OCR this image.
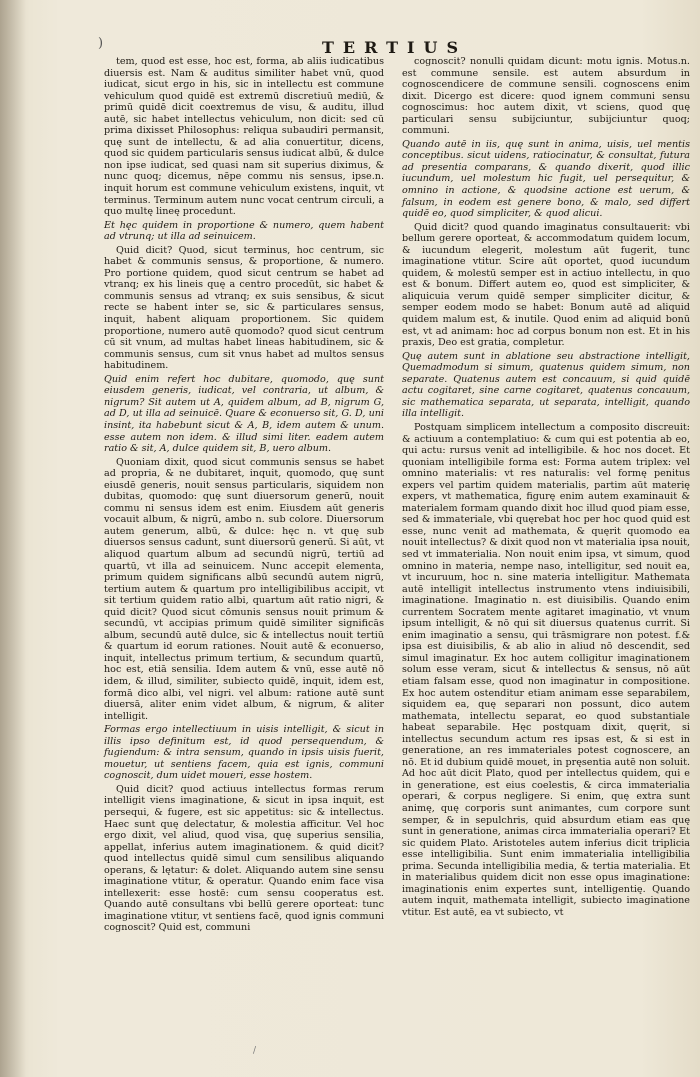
)	TERTIUS

tem, quod est esse, hoc est, forma, ab aliis iudicatibus diuersis est. Nam & auditus similiter habet vnū, quod iudicat, sicut ergo in his, sic in intellectu est commune vehiculum quod quidē est extremū discretiuū mediū, & primū quidē dicit coextremus de visu, & auditu, illud autē, sic habet intellectus vehiculum, non dicit: sed cū prima dixisset Philosophus: reliqua subaudiri permansit, quę sunt de intellectu, & ad alia conuertitur, dicens, quod sic quidem particularis sensus iudicat albū, & dulce non ipse iudicat, sed quasi nam sit superius diximus, & nunc quoq; dicemus, nēpe commu nis sensus, ipse.n. inquit horum est commune vehiculum existens, inquit, vt terminus. Terminum autem nunc vocat centrum circuli, a quo multę lineę procedunt.

Et hęc quidem in proportione & numero, quem habent ad vtrunq; ut illa ad seinuicem.

Quid dicit? Quod, sicut terminus, hoc centrum, sic habet & communis sensus, & proportione, & numero. Pro portione quidem, quod sicut centrum se habet ad vtranq; ex his lineis quę a centro procedūt, sic habet & communis sensus ad vtranq; ex suis sensibus, & sicut recte se habent inter se, sic & particulares sensus, inquit, habent aliquam proportionem. Sic quidem proportione, numero autē quomodo? quod sicut centrum cū sit vnum, ad multas habet lineas habitudinem, sic & communis sensus, cum sit vnus habet ad multos sensus habitudinem.

Quid enim refert hoc dubitare, quomodo, quę sunt eiusdem generis, iudicat, vel contraria, ut album, & nigrum? Sit autem ut A, quidem album, ad B, nigrum G, ad D, ut illa ad seinuicē. Quare & econuerso sit, G. D, uni insint, ita habebunt sicut & A, B, idem autem & unum. esse autem non idem. & illud simi liter. eadem autem ratio & sit, A, dulce quidem sit, B, uero album.

Quoniam dixit, quod sicut communis sensus se habet ad propria, & ne dubitaret, inquit, quomodo, quę sunt eiusdē generis, nouit sensus particularis, siquidem non dubitas, quomodo: quę sunt diuersorum generū, nouit commu ni sensus idem est enim. Eiusdem aūt generis vocauit album, & nigrū, ambo n. sub colore. Diuersorum autem generum, albū, & dulce: hęc n. vt quę sub diuersos sensus cadunt, sunt diuersorū generū. Si aūt, vt aliquod quartum album ad secundū nigrū, tertiū ad quartū, vt illa ad seinuicem. Nunc accepit elementa, primum quidem significans albū secundū autem nigrū, tertium autem & quartum pro intelligibilibus accipit, vt sit tertium quidem ratio albi, quartum aūt ratio nigri, & quid dicit? Quod sicut cōmunis sensus nouit primum & secundū, vt accipias primum quidē similiter significās album, secundū autē dulce, sic & intellectus nouit tertiū & quartum id eorum rationes. Nouit autē & econuerso, inquit, intellectus primum tertium, & secundum quartū, hoc est, etiā sensilia. Idem autem & vnū, esse autē nō idem, & illud, similiter, subiecto quidē, inquit, idem est, formā dico albi, vel nigri. vel album: ratione autē sunt diuersā, aliter enim videt album, & nigrum, & aliter intelligit.

Formas ergo intellectiuum in uisis intelligit, & sicut in illis ipso definitum est, id quod persequendum, & fugiendum: & intra sensum, quando in ipsis uisis fuerit, mouetur, ut sentiens facem, quia est ignis, communi cognoscit, dum uidet moueri, esse hostem.

Quid dicit? quod actiuus intellectus formas rerum intelligit viens imaginatione, & sicut in ipsa inquit, est persequi, & fugere, est sic appetitus: sic & intellectus. Haec sunt quę delectatur, & molestia afficitur. Vel hoc ergo dixit, vel aliud, quod visa, quę superius sensilia, appellat, inferius autem imaginationem. & quid dicit? quod intellectus quidē simul cum sensilibus aliquando operans, & lętatur: & dolet. Aliquando autem sine sensu imaginatione vtitur, & operatur. Quando enim face visa intellexerit: esse hostē: cum sensu cooperatus est. Quando autē consultans vbi bellū gerere oporteat: tunc imaginatione vtitur, vt sentiens facē, quod ignis communi cognoscit? Quid est, communi

cognoscit? nonulli quidam dicunt: motu ignis. Motus.n. est commune sensile. est autem absurdum in cognoscendicere de commune sensili. cognoscens enim dixit. Dicergo est dicere: quod ignem communi sensu cognoscimus: hoc autem dixit, vt sciens, quod quę particulari sensu subijciuntur, subijciuntur quoq; communi.

Quando autē in iis, quę sunt in anima, uisis, uel mentis conceptibus. sicut uidens, ratiocinatur, & consultat, futura ad presentia comparans, & quando dixerit, quod illic iucundum, uel molestum hic fugit, uel persequitur, & omnino in actione, & quodsine actione est uerum, & falsum, in eodem est genere bono, & malo, sed differt quidē eo, quod simpliciter, & quod alicui.

Quid dicit? quod quando imaginatus consultauerit: vbi bellum gerere oporteat, & accommodatum quidem locum, & iucundum elegerit, molestum aūt fugerit, tunc imaginatione vtitur. Scire aūt oportet, quod iucundum quidem, & molestū semper est in actiuo intellectu, in quo est & bonum. Differt autem eo, quod est simpliciter, & aliquicuia verum quidē semper simpliciter dicitur, & semper eodem modo se habet: Bonum autē ad aliquid quidem malum est, & inutile. Quod enim ad aliquid bonū est, vt ad animam: hoc ad corpus bonum non est. Et in his praxis, Deo est gratia, completur.

Quę autem sunt in ablatione seu abstractione intelligit, Quemadmodum si simum, quatenus quidem simum, non separate. Quatenus autem est concauum, si quid quidē actu cogitaret, sine carne cogitaret, quatenus concauum, sic mathematica separata, ut separata, intelligit, quando illa intelligit.

Postquam simplicem intellectum a composito discreuit: & actiuum a contemplatiuo: & cum qui est potentia ab eo, qui actu: rursus venit ad intelligibile. & hoc nos docet. Et quoniam intelligibile forma est: Forma autem triplex: vel omnino materialis: vt res naturalis: vel formę penitus expers vel partim quidem materialis, partim aūt materię expers, vt mathematica, figurę enim autem examinauit & materialem formam quando dixit hoc illud quod piam esse, sed & immateriale, vbi quęrebat hoc per hoc quod quid est esse, nunc venit ad mathemata, & quęrit quomodo ea nouit intellectus? & dixit quod non vt materialia ipsa nouit, sed vt immaterialia. Non nouit enim ipsa, vt simum, quod omnino in materia, nempe naso, intelligitur, sed nouit ea, vt incuruum, hoc n. sine materia intelligitur. Mathemata autē intelligit intellectus instrumento vtens indiuisibili, imaginatione. Imaginatio n. est diuisibilis. Quando enim currentem Socratem mente agitaret imaginatio, vt vnum ipsum intelligit, & nō qui sit diuersus quatenus currit. Si enim imaginatio a sensu, qui trāsmigrare non potest. f.& ipsa est diuisibilis, & ab alio in aliud nō descendit, sed simul imaginatur. Ex hoc autem colligitur imaginationem solum esse veram, sicut & intellectus & sensus, nō aūt etiam falsam esse, quod non imaginatur in compositione. Ex hoc autem ostenditur etiam animam esse separabilem, siquidem ea, quę separari non possunt, dico autem mathemata, intellectu separat, eo quod substantiale habeat separabile. Hęc postquam dixit, quęrit, si intellectus secundum actum res ipsas est, & si est in generatione, an res immateriales potest cognoscere, an nō. Et id dubium quidē mouet, in pręsentia autē non soluit. Ad hoc aūt dicit Plato, quod per intellectus quidem, qui e in generatione, est eius coelestis, & circa immaterialia operari, & corpus negligere. Si enim, quę extra sunt animę, quę corporis sunt animantes, cum corpore sunt semper, & in sepulchris, quid absurdum etiam eas quę sunt in generatione, animas circa immaterialia operari? Et sic quidem Plato. Aristoteles autem inferius dicit triplicia esse intelligibilia. Sunt enim immaterialia intelligibilia prima. Secunda intelligibilia media, & tertia materialia. Et in materialibus quidem dicit non esse opus imaginatione: imaginationis enim expertes sunt, intelligentię. Quando autem inquit, mathemata intelligit, subiecto imaginatione vtitur. Est autē, ea vt subiecto, vt

/
